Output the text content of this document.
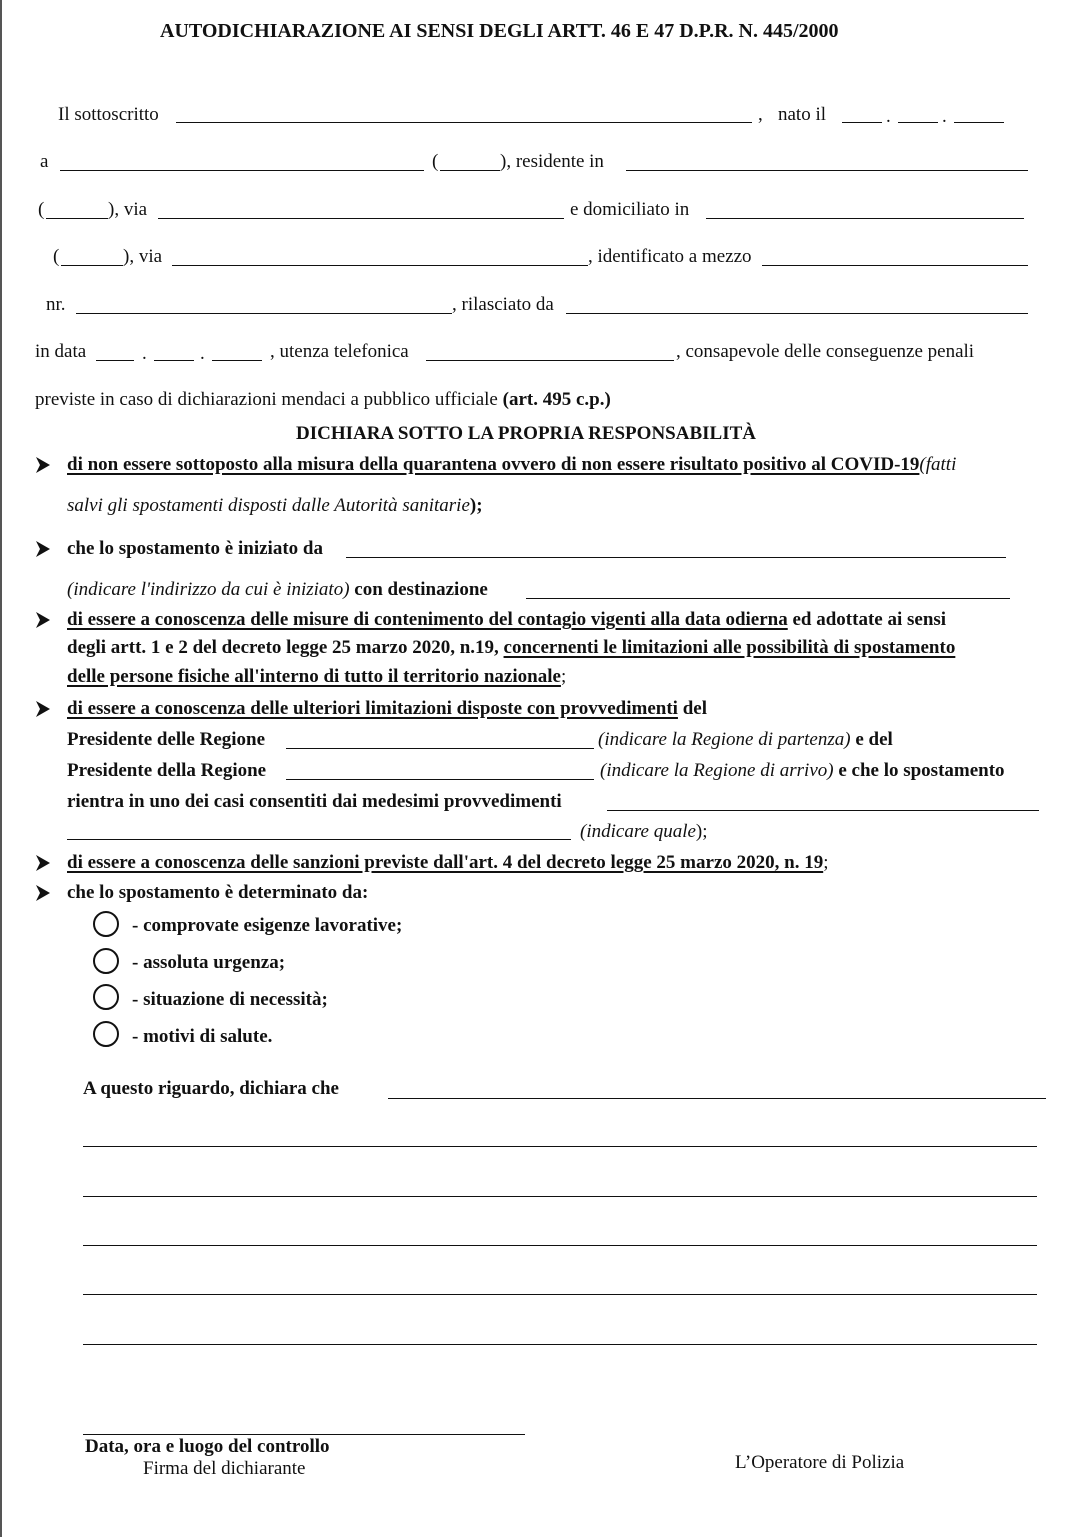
AUTODICHIARAZIONE AI SENSI DEGLI ARTT. 46 E 47 D.P.R. N. 445/2000
Il sottoscritto	, nato il	.	.
a	(	), residente in
(	), via	e domiciliato in
(	), via	, identificato a mezzo
nr.	, rilasciato da
in data	.	.	, utenza telefonica	, consapevole delle conseguenze penali
previste in caso di dichiarazioni mendaci a pubblico ufficiale (art. 495 c.p.)
DICHIARA SOTTO LA PROPRIA RESPONSABILITÀ
di non essere sottoposto alla misura della quarantena ovvero di non essere risultato positivo al COVID-19(fatti
salvi gli spostamenti disposti dalle Autorità sanitarie);
che lo spostamento è iniziato da
(indicare l'indirizzo da cui è iniziato) con destinazione
di essere a conoscenza delle misure di contenimento del contagio vigenti alla data odierna ed adottate ai sensi
degli artt. 1 e 2 del decreto legge 25 marzo 2020, n.19, concernenti le limitazioni alle possibilità di spostamento
delle persone fisiche all'interno di tutto il territorio nazionale;
di essere a conoscenza delle ulteriori limitazioni disposte con provvedimenti del
Presidente delle Regione	(indicare la Regione di partenza) e del
Presidente della Regione	(indicare la Regione di arrivo) e che lo spostamento
rientra in uno dei casi consentiti dai medesimi provvedimenti
(indicare quale);
di essere a conoscenza delle sanzioni previste dall'art. 4 del decreto legge 25 marzo 2020, n. 19;
che lo spostamento è determinato da:
- comprovate esigenze lavorative;
- assoluta urgenza;
- situazione di necessità;
- motivi di salute.
A questo riguardo, dichiara che
Data, ora e luogo del controllo
Firma del dichiarante	L’Operatore di Polizia
